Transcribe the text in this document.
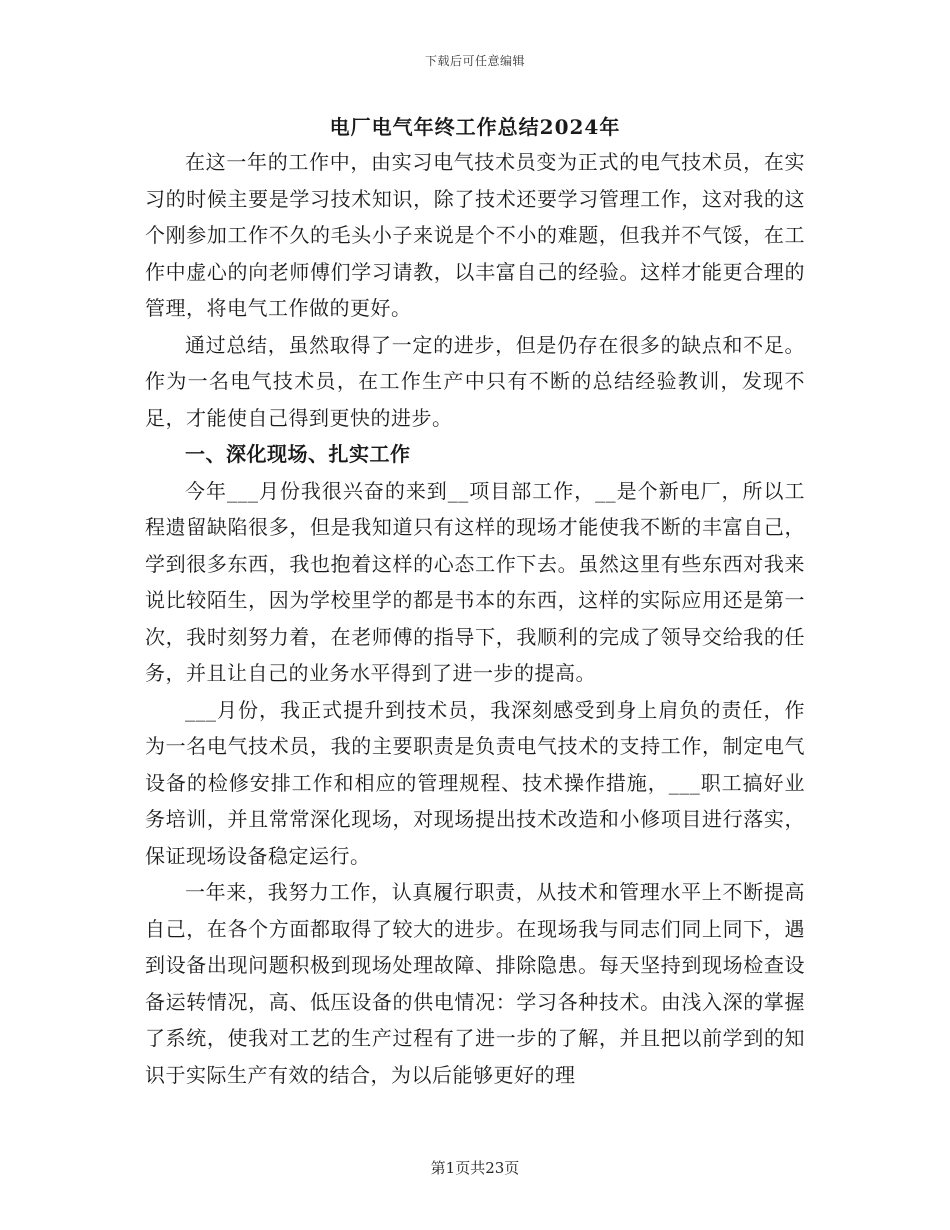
下载后可任意编辑
电厂电气年终工作总结2024年

在这一年的工作中，由实习电气技术员变为正式的电气技术员，在实习的时候主要是学习技术知识，除了技术还要学习管理工作，这对我的这个刚参加工作不久的毛头小子来说是个不小的难题，但我并不气馁，在工作中虚心的向老师傅们学习请教，以丰富自己的经验。这样才能更合理的管理，将电气工作做的更好。

通过总结，虽然取得了一定的进步，但是仍存在很多的缺点和不足。作为一名电气技术员，在工作生产中只有不断的总结经验教训，发现不足，才能使自己得到更快的进步。

一、深化现场、扎实工作

今年___月份我很兴奋的来到__项目部工作，__是个新电厂，所以工程遗留缺陷很多，但是我知道只有这样的现场才能使我不断的丰富自己，学到很多东西，我也抱着这样的心态工作下去。虽然这里有些东西对我来说比较陌生，因为学校里学的都是书本的东西，这样的实际应用还是第一次，我时刻努力着，在老师傅的指导下，我顺利的完成了领导交给我的任务，并且让自己的业务水平得到了进一步的提高。

___月份，我正式提升到技术员，我深刻感受到身上肩负的责任，作为一名电气技术员，我的主要职责是负责电气技术的支持工作，制定电气设备的检修安排工作和相应的管理规程、技术操作措施，___职工搞好业务培训，并且常常深化现场，对现场提出技术改造和小修项目进行落实，保证现场设备稳定运行。

一年来，我努力工作，认真履行职责，从技术和管理水平上不断提高自己，在各个方面都取得了较大的进步。在现场我与同志们同上同下，遇到设备出现问题积极到现场处理故障、排除隐患。每天坚持到现场检查设备运转情况，高、低压设备的供电情况：学习各种技术。由浅入深的掌握了系统，使我对工艺的生产过程有了进一步的了解，并且把以前学到的知识于实际生产有效的结合，为以后能够更好的理

第1页共23页
